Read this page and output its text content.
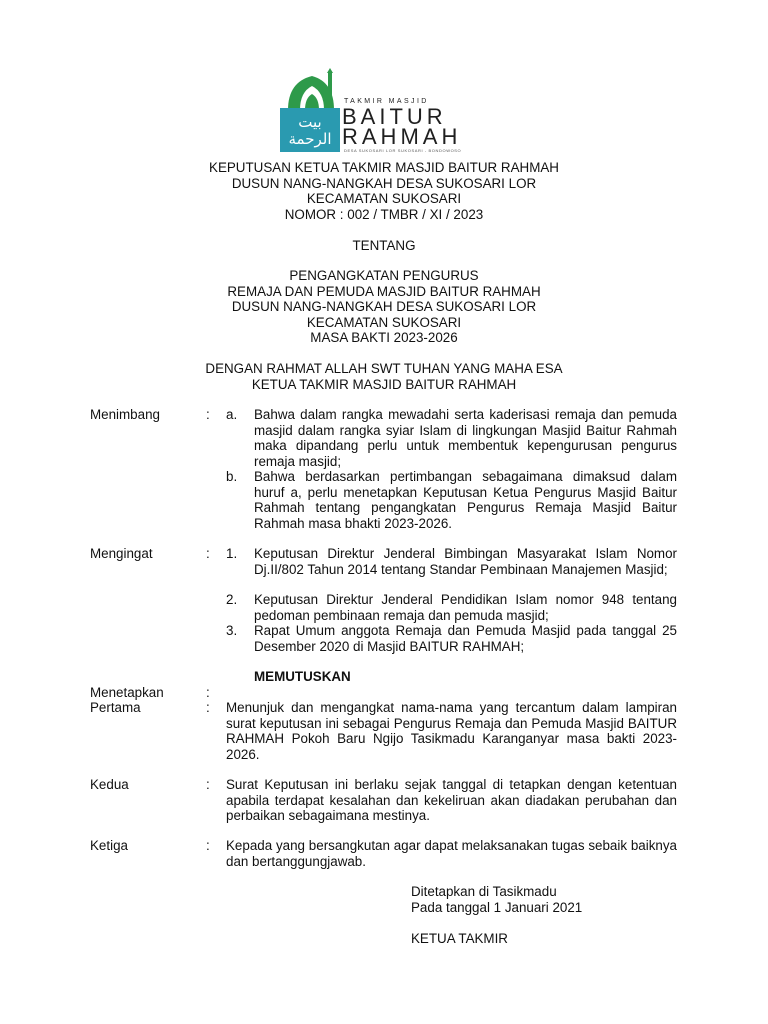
بيت الرحمة
TAKMIR MASJID
BAITUR
RAHMAH
DESA SUKOSARI LOR SUKOSARI - BONDOWOSO
KEPUTUSAN KETUA TAKMIR MASJID BAITUR RAHMAH
DUSUN NANG-NANGKAH DESA SUKOSARI LOR
KECAMATAN SUKOSARI
NOMOR : 002 / TMBR / XI / 2023
TENTANG
PENGANGKATAN PENGURUS
REMAJA DAN PEMUDA MASJID BAITUR RAHMAH
DUSUN NANG-NANGKAH DESA SUKOSARI LOR
KECAMATAN SUKOSARI
MASA BAKTI 2023-2026
DENGAN RAHMAT ALLAH SWT TUHAN YANG MAHA ESA
KETUA TAKMIR MASJID BAITUR RAHMAH
Menimbang	: a. Bahwa dalam rangka mewadahi serta kaderisasi remaja dan pemuda masjid dalam rangka syiar Islam di lingkungan Masjid Baitur Rahmah maka dipandang perlu untuk membentuk kepengurusan pengurus remaja masjid;
b. Bahwa berdasarkan pertimbangan sebagaimana dimaksud dalam huruf a, perlu menetapkan Keputusan Ketua Pengurus Masjid Baitur Rahmah tentang pengangkatan Pengurus Remaja Masjid Baitur Rahmah masa bhakti 2023-2026.
Mengingat	: 1. Keputusan Direktur Jenderal Bimbingan Masyarakat Islam Nomor Dj.II/802 Tahun 2014 tentang Standar Pembinaan Manajemen Masjid;
2. Keputusan Direktur Jenderal Pendidikan Islam nomor 948 tentang pedoman pembinaan remaja dan pemuda masjid;
3. Rapat Umum anggota Remaja dan Pemuda Masjid pada tanggal 25 Desember 2020 di Masjid BAITUR RAHMAH;
MEMUTUSKAN
Menetapkan	:
Pertama	: Menunjuk dan mengangkat nama-nama yang tercantum dalam lampiran surat keputusan ini sebagai Pengurus Remaja dan Pemuda Masjid BAITUR RAHMAH Pokoh Baru Ngijo Tasikmadu Karanganyar masa bakti 2023-2026.
Kedua	: Surat Keputusan ini berlaku sejak tanggal di tetapkan dengan ketentuan apabila terdapat kesalahan dan kekeliruan akan diadakan perubahan dan perbaikan sebagaimana mestinya.
Ketiga	: Kepada yang bersangkutan agar dapat melaksanakan tugas sebaik baiknya dan bertanggungjawab.
Ditetapkan di Tasikmadu
Pada tanggal 1 Januari 2021
KETUA TAKMIR
